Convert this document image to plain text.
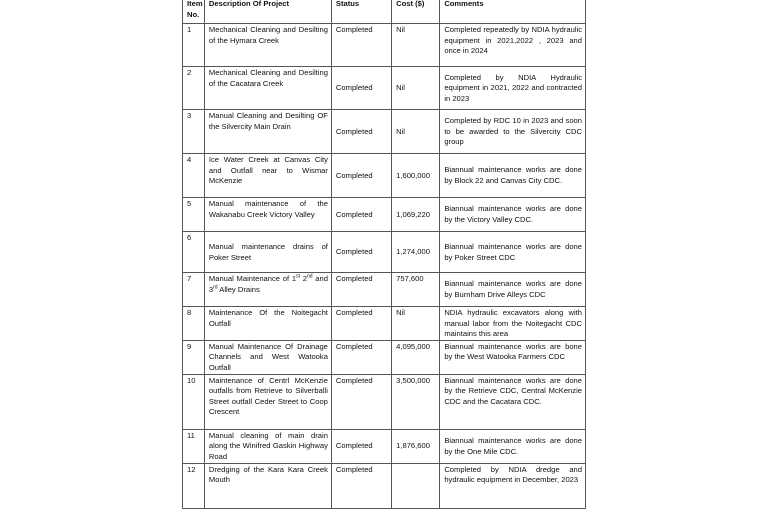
Item No.	Description Of Project	Status	Cost ($)	Comments
1	Mechanical Cleaning and Desilting of the Hymara Creek	Completed	Nil	Completed repeatedly by NDIA hydraulic equipment in 2021,2022 , 2023 and once in 2024
2	Mechanical Cleaning and Desilting of the Cacatara Creek	Completed	Nil	Completed by NDIA Hydraulic equipment in 2021, 2022 and contracted in 2023
3	Manual Cleaning and Desilting OF the Silvercity Main Drain	Completed	Nil	Completed by RDC 10 in 2023 and soon to be awarded to the Silvercity CDC group
4	Ice Water Creek at Canvas City and Outfall near to Wismar McKenzie	Completed	1,600,000	Biannual maintenance works are done by Block 22 and Canvas City CDC.
5	Manual maintenance of the Wakanabu Creek Victory Valley	Completed	1,069,220	Biannual maintenance works are done by the Victory Valley CDC.
6	Manual maintenance drains of Poker Street	Completed	1,274,000	Biannual maintenance works are done by Poker Street CDC
7	Manual Maintenance of 1st 2nd and 3rd Alley Drains	Completed	757,600	Biannual maintenance works are done by Burnham Drive Alleys CDC
8	Maintenance Of the Noitegacht Outfall	Completed	Nil	NDIA hydraulic excavators along with manual labor from the Noitegacht CDC maintains this area
9	Manual Maintenance Of Drainage Channels and West Watooka Outfall	Completed	4,095,000	Biannual maintenance works are bone by the West Watooka Farmers CDC
10	Maintenance of Centrl McKenzie outfalls from Retrieve to Silverballi Street outfall Ceder Street to Coop Crescent	Completed	3,500,000	Biannual maintenance works are done by the Retrieve CDC, Central McKenzie CDC and the Cacatara CDC.
11	Manual cleaning of main drain along the Winifred Gaskin Highway Road	Completed	1,876,600	Biannual maintenance works are done by the One Mile CDC.
12	Dredging of the Kara Kara Creek Mouth	Completed		Completed by NDIA dredge and hydraulic equipment in December, 2023
